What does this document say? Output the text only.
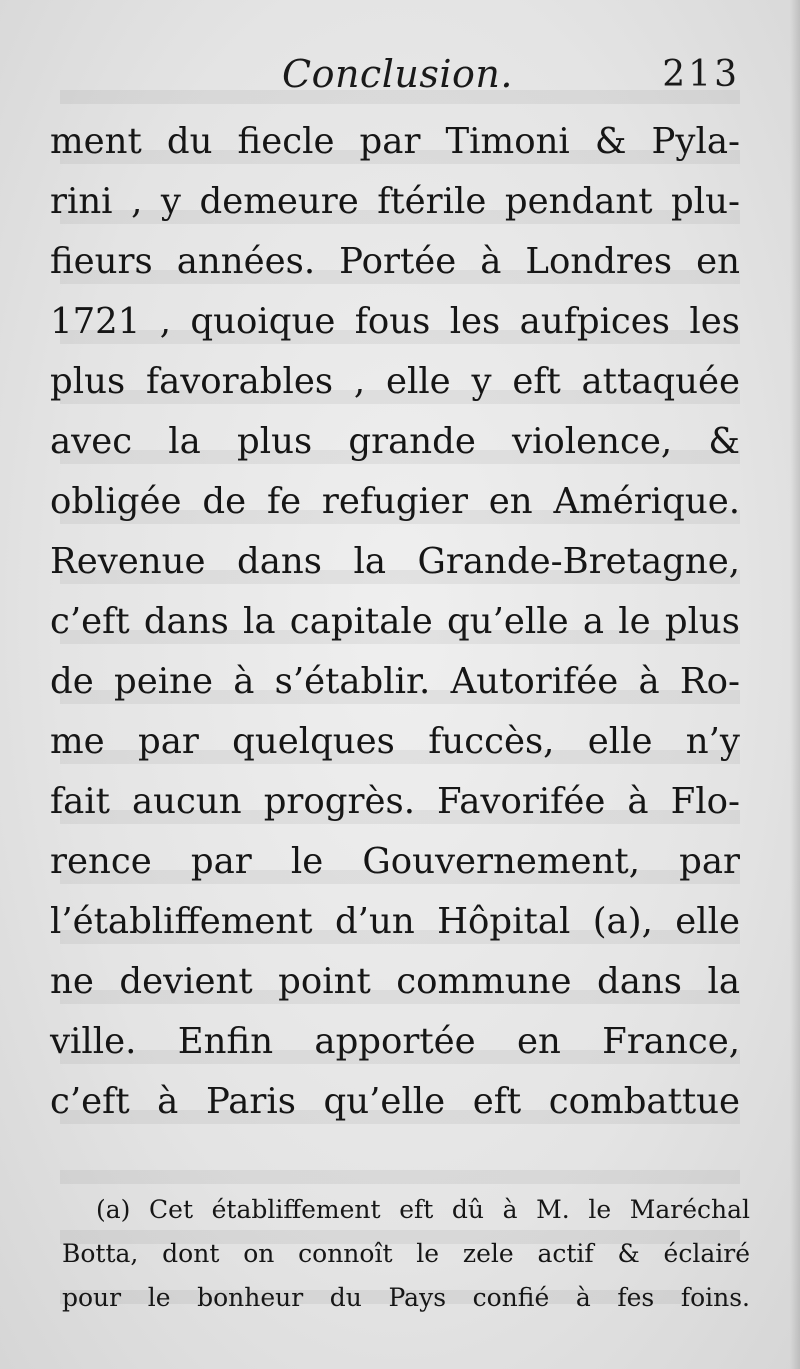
Conclusion.	213
ment du fiecle par Timoni & Pyla-
rini , y demeure ftérile pendant plu-
fieurs années. Portée à Londres en
1721 , quoique fous les aufpices les
plus favorables , elle y eft attaquée
avec la plus grande violence, &
obligée de fe refugier en Amérique.
Revenue dans la Grande-Bretagne,
c’eft dans la capitale qu’elle a le plus
de peine à s’établir. Autorifée à Ro-
me par quelques fuccès, elle n’y
fait aucun progrès. Favorifée à Flo-
rence par le Gouvernement, par
l’établiffement d’un Hôpital (a), elle
ne devient point commune dans la
ville. Enfin apportée en France,
c’eft à Paris qu’elle eft combattue
(a) Cet établiffement eft dû à M. le Maréchal
Botta, dont on connoît le zele actif & éclairé
pour le bonheur du Pays confié à fes foins.
